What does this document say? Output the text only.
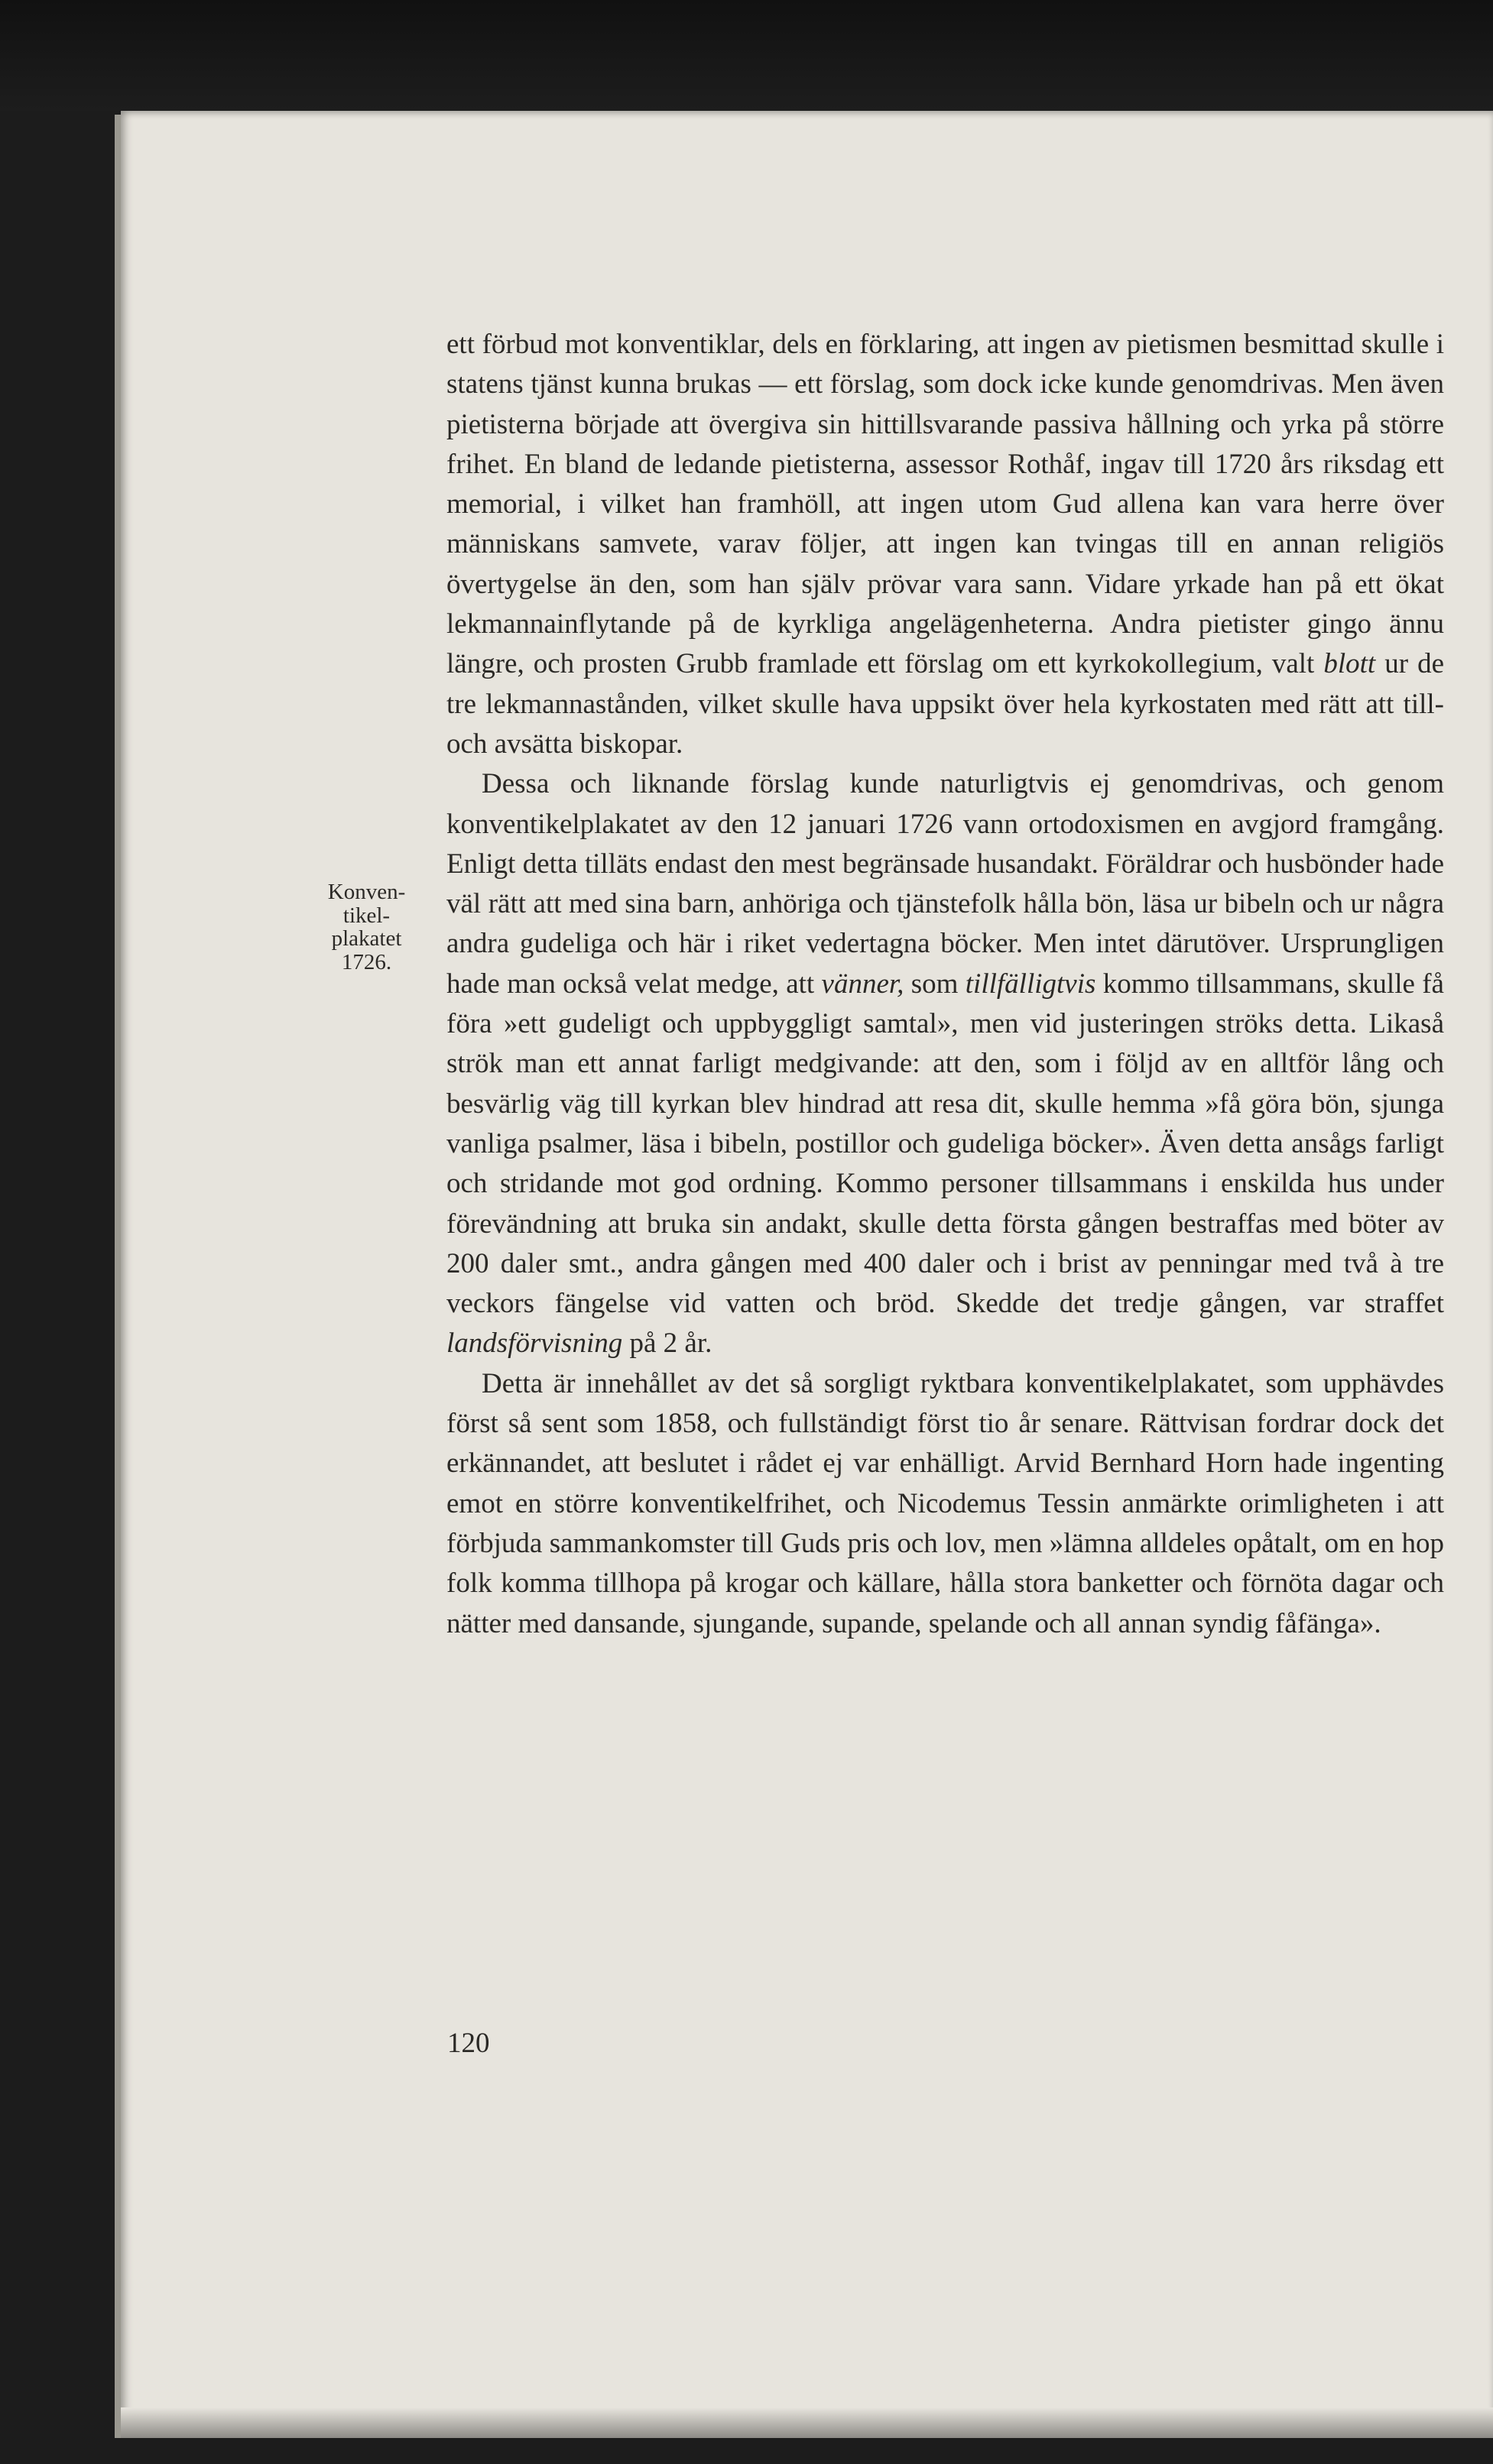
Konven-
tikel-
plakatet
1726.

ett förbud mot konventiklar, dels en förklaring, att ingen av pietismen besmittad skulle i statens tjänst kunna brukas — ett förslag, som dock icke kunde genomdrivas. Men även pietisterna började att övergiva sin hittillsvarande passiva hållning och yrka på större frihet. En bland de ledande pietisterna, assessor Rothåf, ingav till 1720 års riksdag ett memorial, i vilket han framhöll, att ingen utom Gud allena kan vara herre över människans samvete, varav följer, att ingen kan tvingas till en annan religiös övertygelse än den, som han själv prövar vara sann. Vidare yrkade han på ett ökat lekmannainflytande på de kyrkliga angelägenheterna. Andra pietister gingo ännu längre, och prosten Grubb framlade ett förslag om ett kyrkokollegium, valt blott ur de tre lekmannastånden, vilket skulle hava uppsikt över hela kyrkostaten med rätt att till- och avsätta biskopar.

Dessa och liknande förslag kunde naturligtvis ej genomdrivas, och genom konventikelplakatet av den 12 januari 1726 vann ortodoxismen en avgjord framgång. Enligt detta tilläts endast den mest begränsade husandakt. Föräldrar och husbönder hade väl rätt att med sina barn, anhöriga och tjänstefolk hålla bön, läsa ur bibeln och ur några andra gudeliga och här i riket vedertagna böcker. Men intet därutöver. Ursprungligen hade man också velat medge, att vänner, som tillfälligtvis kommo tillsammans, skulle få föra »ett gudeligt och uppbyggligt samtal», men vid justeringen ströks detta. Likaså strök man ett annat farligt medgivande: att den, som i följd av en alltför lång och besvärlig väg till kyrkan blev hindrad att resa dit, skulle hemma »få göra bön, sjunga vanliga psalmer, läsa i bibeln, postillor och gudeliga böcker». Även detta ansågs farligt och stridande mot god ordning. Kommo personer tillsammans i enskilda hus under förevändning att bruka sin andakt, skulle detta första gången bestraffas med böter av 200 daler smt., andra gången med 400 daler och i brist av penningar med två à tre veckors fängelse vid vatten och bröd. Skedde det tredje gången, var straffet landsförvisning på 2 år.

Detta är innehållet av det så sorgligt ryktbara konventikelplakatet, som upphävdes först så sent som 1858, och fullständigt först tio år senare. Rättvisan fordrar dock det erkännandet, att beslutet i rådet ej var enhälligt. Arvid Bernhard Horn hade ingenting emot en större konventikelfrihet, och Nicodemus Tessin anmärkte orimligheten i att förbjuda sammankomster till Guds pris och lov, men »lämna alldeles opåtalt, om en hop folk komma tillhopa på krogar och källare, hålla stora banketter och förnöta dagar och nätter med dansande, sjungande, supande, spelande och all annan syndig fåfänga».

120
